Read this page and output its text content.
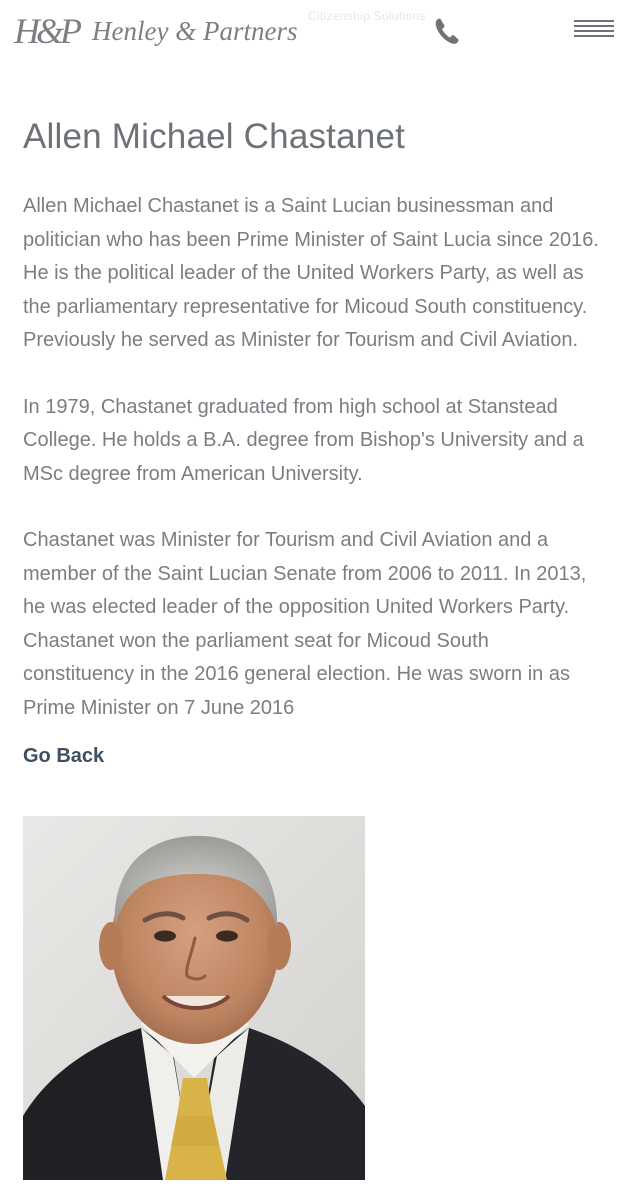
H&P Henley & Partners Citizenship Solutions
Allen Michael Chastanet

Allen Michael Chastanet is a Saint Lucian businessman and politician who has been Prime Minister of Saint Lucia since 2016. He is the political leader of the United Workers Party, as well as the parliamentary representative for Micoud South constituency. Previously he served as Minister for Tourism and Civil Aviation.

In 1979, Chastanet graduated from high school at Stanstead College. He holds a B.A. degree from Bishop's University and a MSc degree from American University.

Chastanet was Minister for Tourism and Civil Aviation and a member of the Saint Lucian Senate from 2006 to 2011. In 2013, he was elected leader of the opposition United Workers Party. Chastanet won the parliament seat for Micoud South constituency in the 2016 general election. He was sworn in as Prime Minister on 7 June 2016

Go Back
